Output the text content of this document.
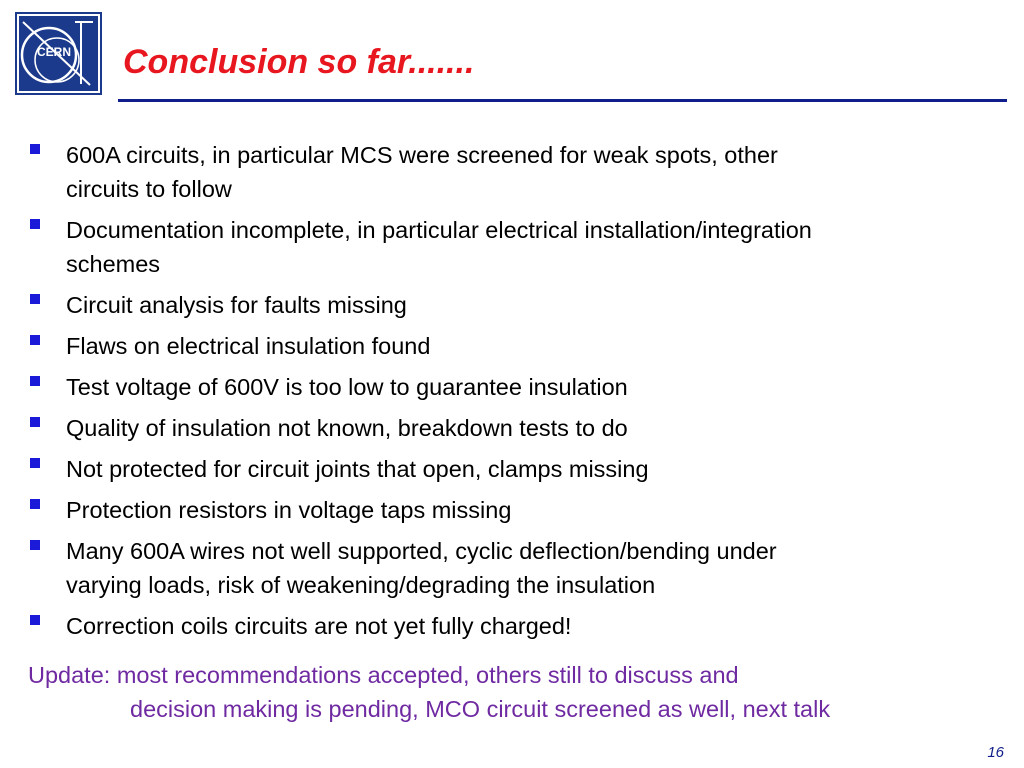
CERN Conclusion so far.......
600A circuits, in particular MCS were screened for weak spots, other
circuits to follow
Documentation incomplete, in particular electrical installation/integration
schemes
Circuit analysis for faults missing
Flaws on electrical insulation found
Test voltage of 600V is too low to guarantee insulation
Quality of insulation not known, breakdown tests to do
Not protected for circuit joints that open, clamps missing
Protection resistors in voltage taps missing
Many 600A wires not well supported, cyclic deflection/bending under
varying loads, risk of weakening/degrading the insulation
Correction coils circuits are not yet fully charged!
Update: most recommendations accepted, others still to discuss and
decision making is pending, MCO circuit screened as well, next talk
16
